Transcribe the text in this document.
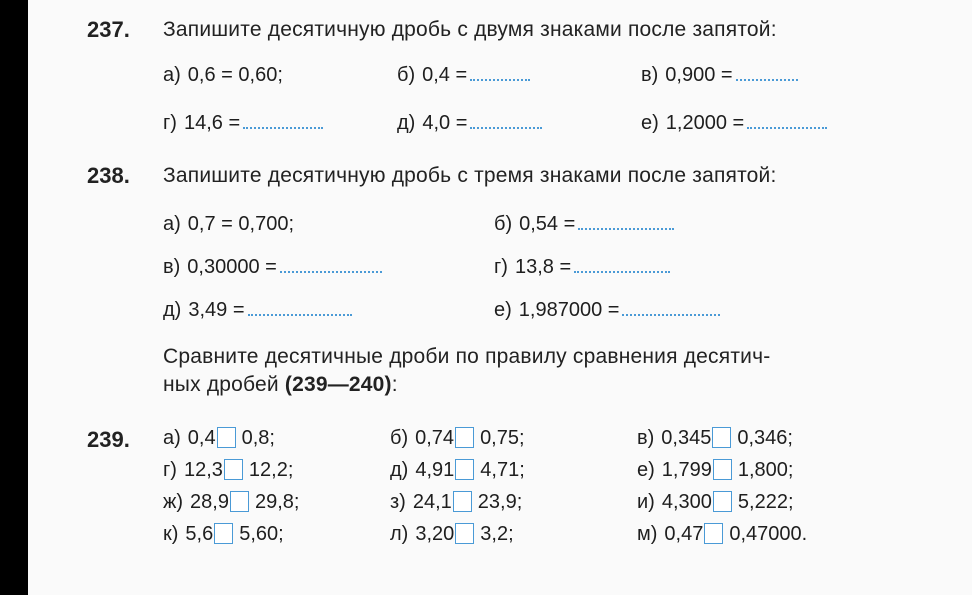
237. Запишите десятичную дробь с двумя знаками после запятой:
а) 0,6 = 0,60;	б) 0,4 =	в) 0,900 =
г) 14,6 =	д) 4,0 =	е) 1,2000 =
238. Запишите десятичную дробь с тремя знаками после запятой:
а) 0,7 = 0,700;	б) 0,54 =
в) 0,30000 =	г) 13,8 =
д) 3,49 =	е) 1,987000 =
Сравните десятичные дроби по правилу сравнения десятич-
ных дробей (239—240):
239. а) 0,4 0,8;	б) 0,74 0,75;	в) 0,345 0,346;
г) 12,3 12,2;	д) 4,91 4,71;	е) 1,799 1,800;
ж) 28,9 29,8;	з) 24,1 23,9;	и) 4,300 5,222;
к) 5,6 5,60;	л) 3,20 3,2;	м) 0,47 0,47000.
